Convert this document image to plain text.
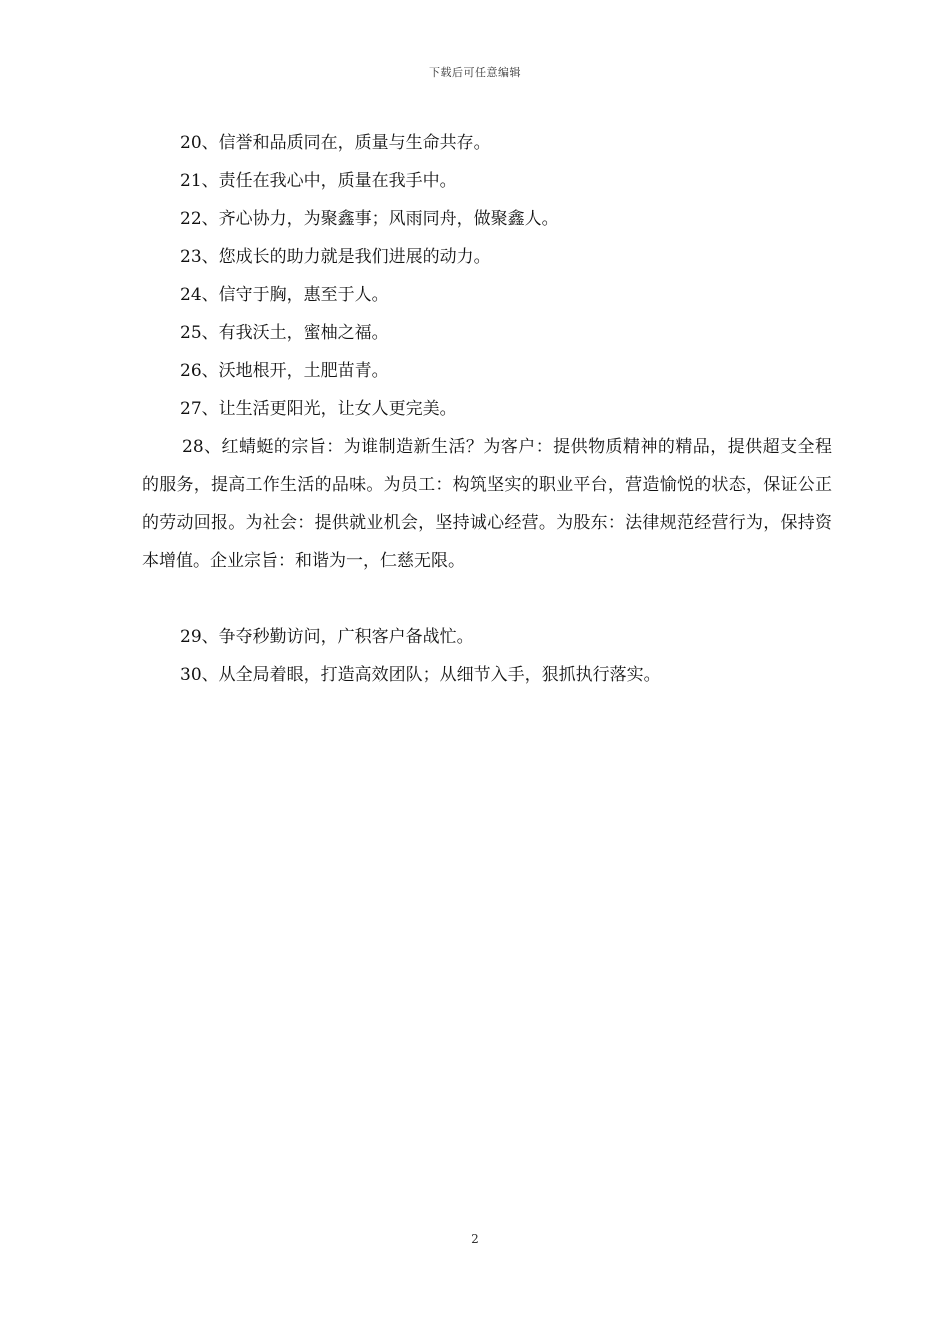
下载后可任意编辑
20、信誉和品质同在，质量与生命共存。
21、责任在我心中，质量在我手中。
22、齐心协力，为聚鑫事；风雨同舟，做聚鑫人。
23、您成长的助力就是我们进展的动力。
24、信守于胸，惠至于人。
25、有我沃土，蜜柚之福。
26、沃地根开，土肥苗青。
27、让生活更阳光，让女人更完美。

28、红蜻蜓的宗旨：为谁制造新生活？为客户：提供物质精神的精品，提供超支全程的服务，提高工作生活的品味。为员工：构筑坚实的职业平台，营造愉悦的状态，保证公正的劳动回报。为社会：提供就业机会，坚持诚心经营。为股东：法律规范经营行为，保持资本增值。企业宗旨：和谐为一，仁慈无限。

29、争夺秒勤访问，广积客户备战忙。
30、从全局着眼，打造高效团队；从细节入手，狠抓执行落实。
2
